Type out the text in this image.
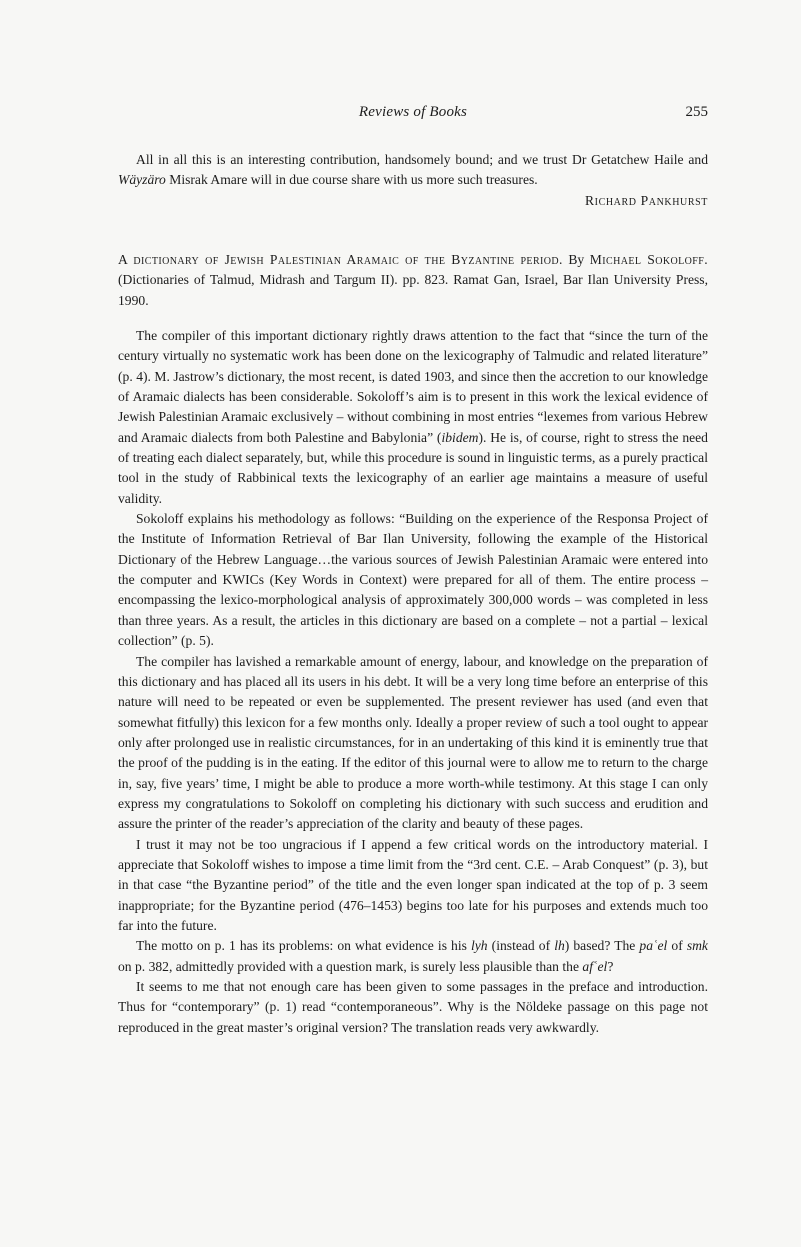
Reviews of Books	255

All in all this is an interesting contribution, handsomely bound; and we trust Dr Getatchew Haile and Wäyzäro Misrak Amare will in due course share with us more such treasures.

Richard Pankhurst

A dictionary of Jewish Palestinian Aramaic of the Byzantine period. By Michael Sokoloff. (Dictionaries of Talmud, Midrash and Targum II). pp. 823. Ramat Gan, Israel, Bar Ilan University Press, 1990.

The compiler of this important dictionary rightly draws attention to the fact that “since the turn of the century virtually no systematic work has been done on the lexicography of Talmudic and related literature” (p. 4). M. Jastrow’s dictionary, the most recent, is dated 1903, and since then the accretion to our knowledge of Aramaic dialects has been considerable. Sokoloff’s aim is to present in this work the lexical evidence of Jewish Palestinian Aramaic exclusively – without combining in most entries “lexemes from various Hebrew and Aramaic dialects from both Palestine and Babylonia” (ibidem). He is, of course, right to stress the need of treating each dialect separately, but, while this procedure is sound in linguistic terms, as a purely practical tool in the study of Rabbinical texts the lexicography of an earlier age maintains a measure of useful validity.

Sokoloff explains his methodology as follows: “Building on the experience of the Responsa Project of the Institute of Information Retrieval of Bar Ilan University, following the example of the Historical Dictionary of the Hebrew Language…the various sources of Jewish Palestinian Aramaic were entered into the computer and KWICs (Key Words in Context) were prepared for all of them. The entire process – encompassing the lexico-morphological analysis of approximately 300,000 words – was completed in less than three years. As a result, the articles in this dictionary are based on a complete – not a partial – lexical collection” (p. 5).

The compiler has lavished a remarkable amount of energy, labour, and knowledge on the preparation of this dictionary and has placed all its users in his debt. It will be a very long time before an enterprise of this nature will need to be repeated or even be supplemented. The present reviewer has used (and even that somewhat fitfully) this lexicon for a few months only. Ideally a proper review of such a tool ought to appear only after prolonged use in realistic circumstances, for in an undertaking of this kind it is eminently true that the proof of the pudding is in the eating. If the editor of this journal were to allow me to return to the charge in, say, five years’ time, I might be able to produce a more worth-while testimony. At this stage I can only express my congratulations to Sokoloff on completing his dictionary with such success and erudition and assure the printer of the reader’s appreciation of the clarity and beauty of these pages.

I trust it may not be too ungracious if I append a few critical words on the introductory material. I appreciate that Sokoloff wishes to impose a time limit from the “3rd cent. C.E. – Arab Conquest” (p. 3), but in that case “the Byzantine period” of the title and the even longer span indicated at the top of p. 3 seem inappropriate; for the Byzantine period (476–1453) begins too late for his purposes and extends much too far into the future.

The motto on p. 1 has its problems: on what evidence is his lyh (instead of lh) based? The paʿel of smk on p. 382, admittedly provided with a question mark, is surely less plausible than the afʿel?

It seems to me that not enough care has been given to some passages in the preface and introduction. Thus for “contemporary” (p. 1) read “contemporaneous”. Why is the Nöldeke passage on this page not reproduced in the great master’s original version? The translation reads very awkwardly.
